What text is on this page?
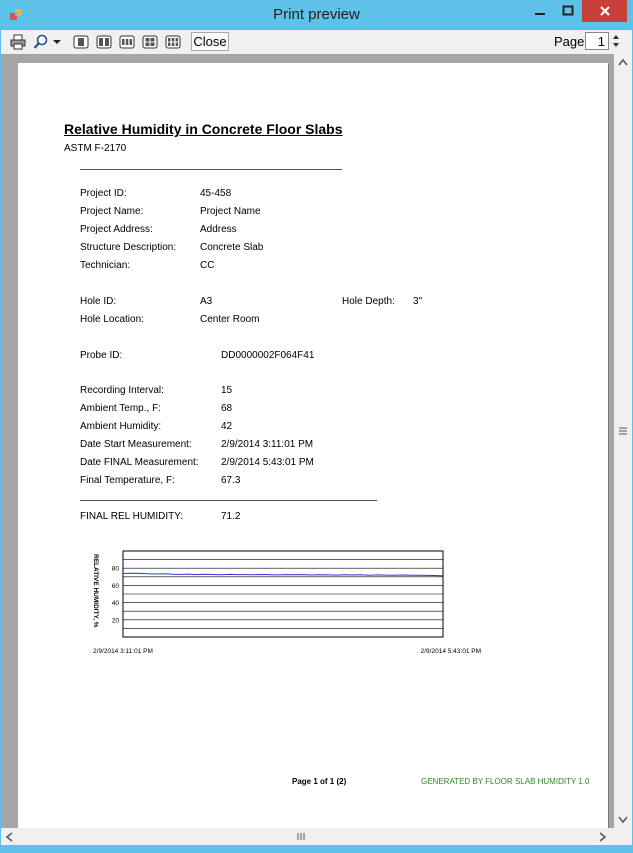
Print preview
Close	Page	1
Relative Humidity in Concrete Floor Slabs
ASTM F-2170
Project ID:	45-458
Project Name:	Project Name
Project Address:	Address
Structure Description: Concrete Slab
Technician:	CC
Hole ID:	A3	Hole Depth: 3"
Hole Location:	Center Room
Probe ID:	DD0000002F064F41
Recording Interval:	15
Ambient Temp., F:	68
Ambient Humidity:	42
Date Start Measurement:	2/9/2014 3:11:01 PM
Date FINAL Measurement: 2/9/2014 5:43:01 PM
Final Temperature, F:	67.3
FINAL REL HUMIDITY:	71.2
20
40
60
80
RELATIVE HUMIDITY, %
2/9/2014 3:11:01 PM	2/9/2014 5:43:01 PM
Page 1 of 1 (2)	GENERATED BY FLOOR SLAB HUMIDITY 1.0
